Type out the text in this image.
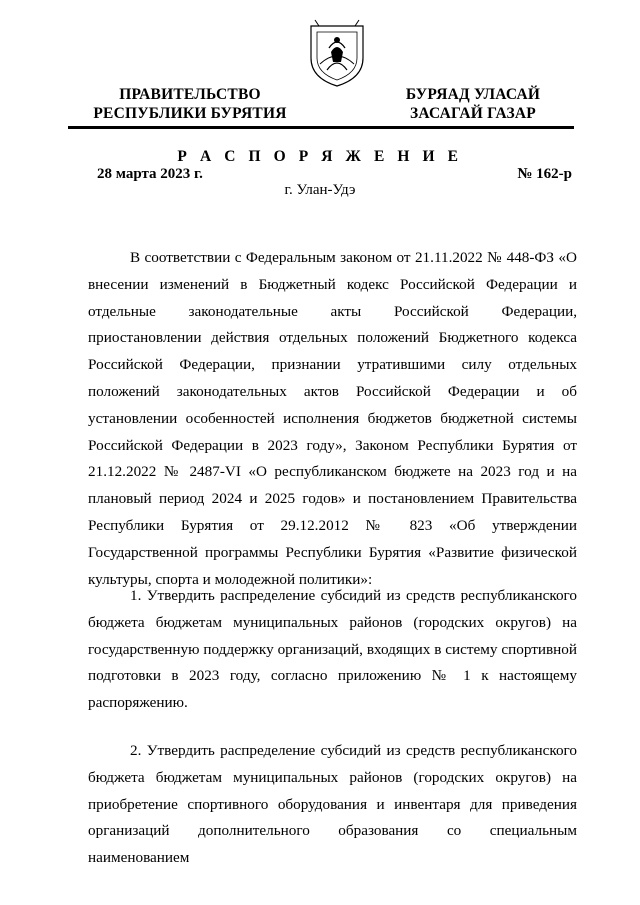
ПРАВИТЕЛЬСТВО
РЕСПУБЛИКИ БУРЯТИЯ
БУРЯАД УЛАСАЙ
ЗАСАГАЙ ГАЗАР
Р А С П О Р Я Ж Е Н И Е
28 марта 2023 г.	№ 162-р
г. Улан-Удэ
В соответствии с Федеральным законом от 21.11.2022 № 448-ФЗ «О внесении изменений в Бюджетный кодекс Российской Федерации и отдельные законодательные акты Российской Федерации, приостановлении действия отдельных положений Бюджетного кодекса Российской Федерации, признании утратившими силу отдельных положений законодательных актов Российской Федерации и об установлении особенностей исполнения бюджетов бюджетной системы Российской Федерации в 2023 году», Законом Республики Бурятия от 21.12.2022 № 2487-VI «О республиканском бюджете на 2023 год и на плановый период 2024 и 2025 годов» и постановлением Правительства Республики Бурятия от 29.12.2012 № 823 «Об утверждении Государственной программы Республики Бурятия «Развитие физической культуры, спорта и молодежной политики»:
1. Утвердить распределение субсидий из средств республиканского бюджета бюджетам муниципальных районов (городских округов) на государственную поддержку организаций, входящих в систему спортивной подготовки в 2023 году, согласно приложению № 1 к настоящему распоряжению.
2. Утвердить распределение субсидий из средств республиканского бюджета бюджетам муниципальных районов (городских округов) на приобретение спортивного оборудования и инвентаря для приведения организаций дополнительного образования со специальным наименованием
